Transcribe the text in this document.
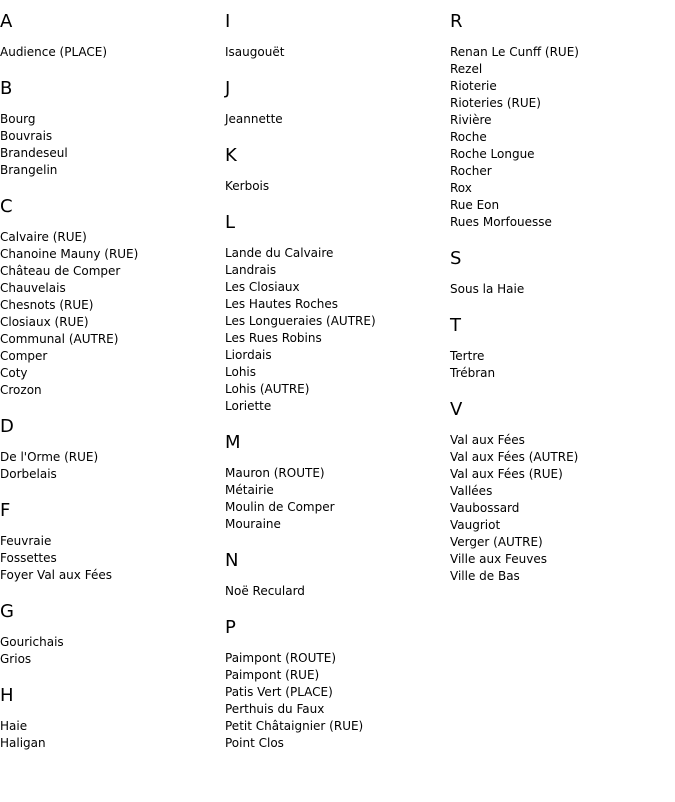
A
Audience (PLACE)
B
Bourg
Bouvrais
Brandeseul
Brangelin
C
Calvaire (RUE)
Chanoine Mauny (RUE)
Château de Comper
Chauvelais
Chesnots (RUE)
Closiaux (RUE)
Communal (AUTRE)
Comper
Coty
Crozon
D
De l'Orme (RUE)
Dorbelais
F
Feuvraie
Fossettes
Foyer Val aux Fées
G
Gourichais
Grios
H
Haie
Haligan
I
Isaugouët
J
Jeannette
K
Kerbois
L
Lande du Calvaire
Landrais
Les Closiaux
Les Hautes Roches
Les Longueraies (AUTRE)
Les Rues Robins
Liordais
Lohis
Lohis (AUTRE)
Loriette
M
Mauron (ROUTE)
Métairie
Moulin de Comper
Mouraine
N
Noë Reculard
P
Paimpont (ROUTE)
Paimpont (RUE)
Patis Vert (PLACE)
Perthuis du Faux
Petit Châtaignier (RUE)
Point Clos
R
Renan Le Cunff (RUE)
Rezel
Rioterie
Rioteries (RUE)
Rivière
Roche
Roche Longue
Rocher
Rox
Rue Eon
Rues Morfouesse
S
Sous la Haie
T
Tertre
Trébran
V
Val aux Fées
Val aux Fées (AUTRE)
Val aux Fées (RUE)
Vallées
Vaubossard
Vaugriot
Verger (AUTRE)
Ville aux Feuves
Ville de Bas
